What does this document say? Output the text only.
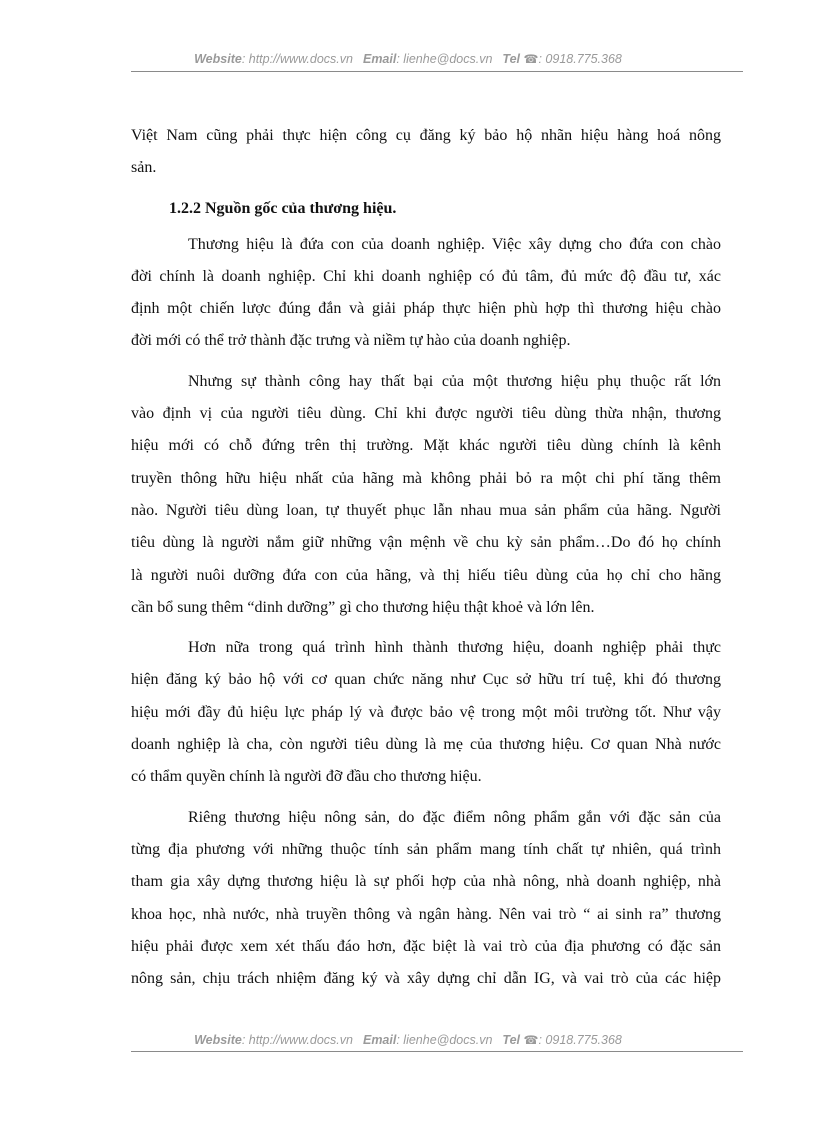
Website: http://www.docs.vn Email: lienhe@docs.vn Tel ☎: 0918.775.368
Việt Nam cũng phải thực hiện công cụ đăng ký bảo hộ nhãn hiệu hàng hoá nông
sản.
1.2.2 Nguồn gốc của thương hiệu.
Thương hiệu là đứa con của doanh nghiệp. Việc xây dựng cho đứa con chào
đời chính là doanh nghiệp. Chỉ khi doanh nghiệp có đủ tâm, đủ mức độ đầu tư, xác
định một chiến lược đúng đắn và giải pháp thực hiện phù hợp thì thương hiệu chào
đời mới có thể trở thành đặc trưng và niềm tự hào của doanh nghiệp.
Nhưng sự thành công hay thất bại của một thương hiệu phụ thuộc rất lớn
vào định vị của người tiêu dùng. Chỉ khi được người tiêu dùng thừa nhận, thương
hiệu mới có chỗ đứng trên thị trường. Mặt khác người tiêu dùng chính là kênh
truyền thông hữu hiệu nhất của hãng mà không phải bỏ ra một chi phí tăng thêm
nào. Người tiêu dùng loan, tự thuyết phục lẫn nhau mua sản phẩm của hãng. Người
tiêu dùng là người nắm giữ những vận mệnh về chu kỳ sản phẩm…Do đó họ chính
là người nuôi dưỡng đứa con của hãng, và thị hiếu tiêu dùng của họ chỉ cho hãng
cần bổ sung thêm “dinh dưỡng” gì cho thương hiệu thật khoẻ và lớn lên.
Hơn nữa trong quá trình hình thành thương hiệu, doanh nghiệp phải thực
hiện đăng ký bảo hộ với cơ quan chức năng như Cục sở hữu trí tuệ, khi đó thương
hiệu mới đầy đủ hiệu lực pháp lý và được bảo vệ trong một môi trường tốt. Như vậy
doanh nghiệp là cha, còn người tiêu dùng là mẹ của thương hiệu. Cơ quan Nhà nước
có thẩm quyền chính là người đỡ đầu cho thương hiệu.
Riêng thương hiệu nông sản, do đặc điểm nông phẩm gắn với đặc sản của
từng địa phương với những thuộc tính sản phẩm mang tính chất tự nhiên, quá trình
tham gia xây dựng thương hiệu là sự phối hợp của nhà nông, nhà doanh nghiệp, nhà
khoa học, nhà nước, nhà truyền thông và ngân hàng. Nên vai trò “ ai sinh ra” thương
hiệu phải được xem xét thấu đáo hơn, đặc biệt là vai trò của địa phương có đặc sản
nông sản, chịu trách nhiệm đăng ký và xây dựng chỉ dẫn IG, và vai trò của các hiệp
Website: http://www.docs.vn Email: lienhe@docs.vn Tel ☎: 0918.775.368
